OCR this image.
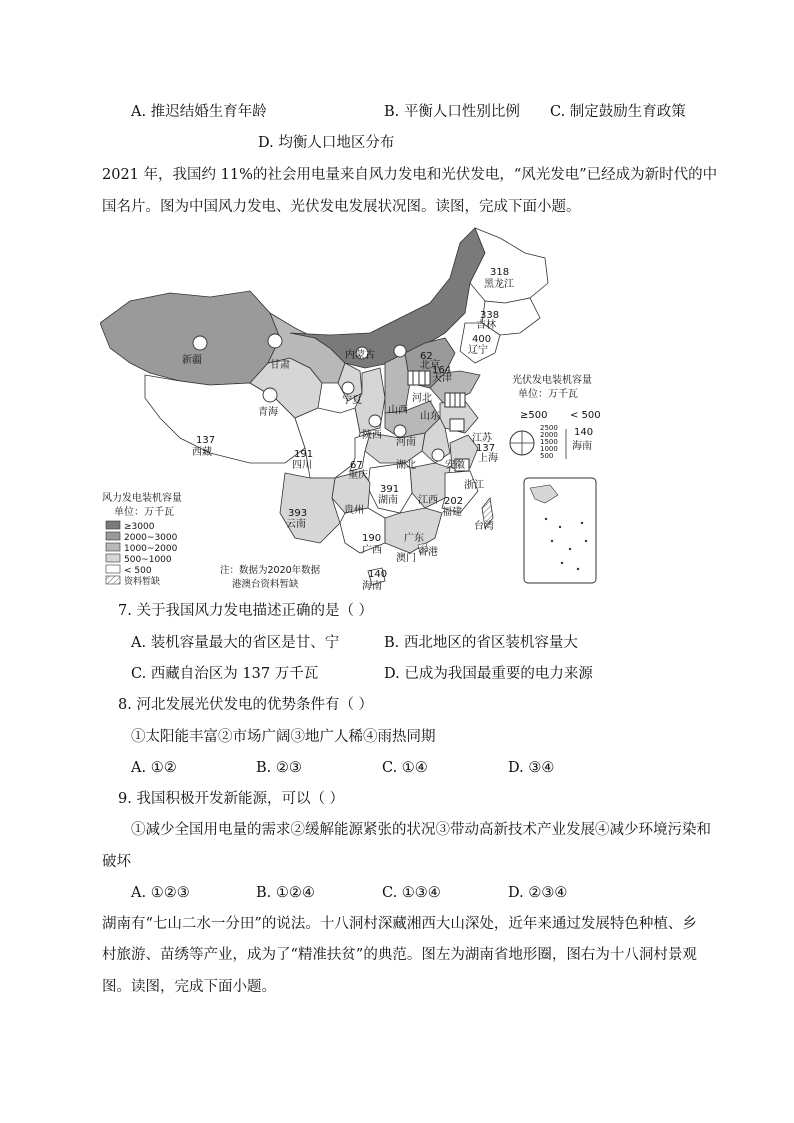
A. 推迟结婚生育年龄	B. 平衡人口性别比例 C. 制定鼓励生育政策
D. 均衡人口地区分布
2021 年，我国约 11%的社会用电量来自风力发电和光伏发电，“风光发电”已经成为新时代的中
国名片。图为中国风力发电、光伏发电发展状况图。读图，完成下面小题。
黑龙江
吉林
辽宁
新疆	内蒙古
甘肃
青海
宁夏
北京
天津
河北
山西
山东
陕西
河南	江苏
上海
西藏
四川
重庆
湖北	安徽
浙江
湖南 江西
贵州
云南
福建
台湾
广西
广东
香港
澳门
海南
318
338
400
62
164
137
137
191
67
391
393
202
190
140
光伏发电装机容量
单位：万千瓦
≥500 < 500
2500
2000
1500
1000
500
140
海南
风力发电装机容量
单位：万千瓦
≥3000
2000~3000
1000~2000
500~1000
< 500
资料暂缺
注：数据为2020年数据
港澳台资料暂缺
7. 关于我国风力发电描述正确的是（ ）
A. 装机容量最大的省区是甘、宁	B. 西北地区的省区装机容量大
C. 西藏自治区为 137 万千瓦	D. 已成为我国最重要的电力来源
8. 河北发展光伏发电的优势条件有（ ）
①太阳能丰富②市场广阔③地广人稀④雨热同期
A. ①②	B. ②③	C. ①④	D. ③④
9. 我国积极开发新能源，可以（ ）
①减少全国用电量的需求②缓解能源紧张的状况③带动高新技术产业发展④减少环境污染和
破坏
A. ①②③	B. ①②④	C. ①③④	D. ②③④
湖南有“七山二水一分田”的说法。十八洞村深藏湘西大山深处，近年来通过发展特色种植、乡
村旅游、苗绣等产业，成为了“精准扶贫”的典范。图左为湖南省地形圈，图右为十八洞村景观
图。读图，完成下面小题。
